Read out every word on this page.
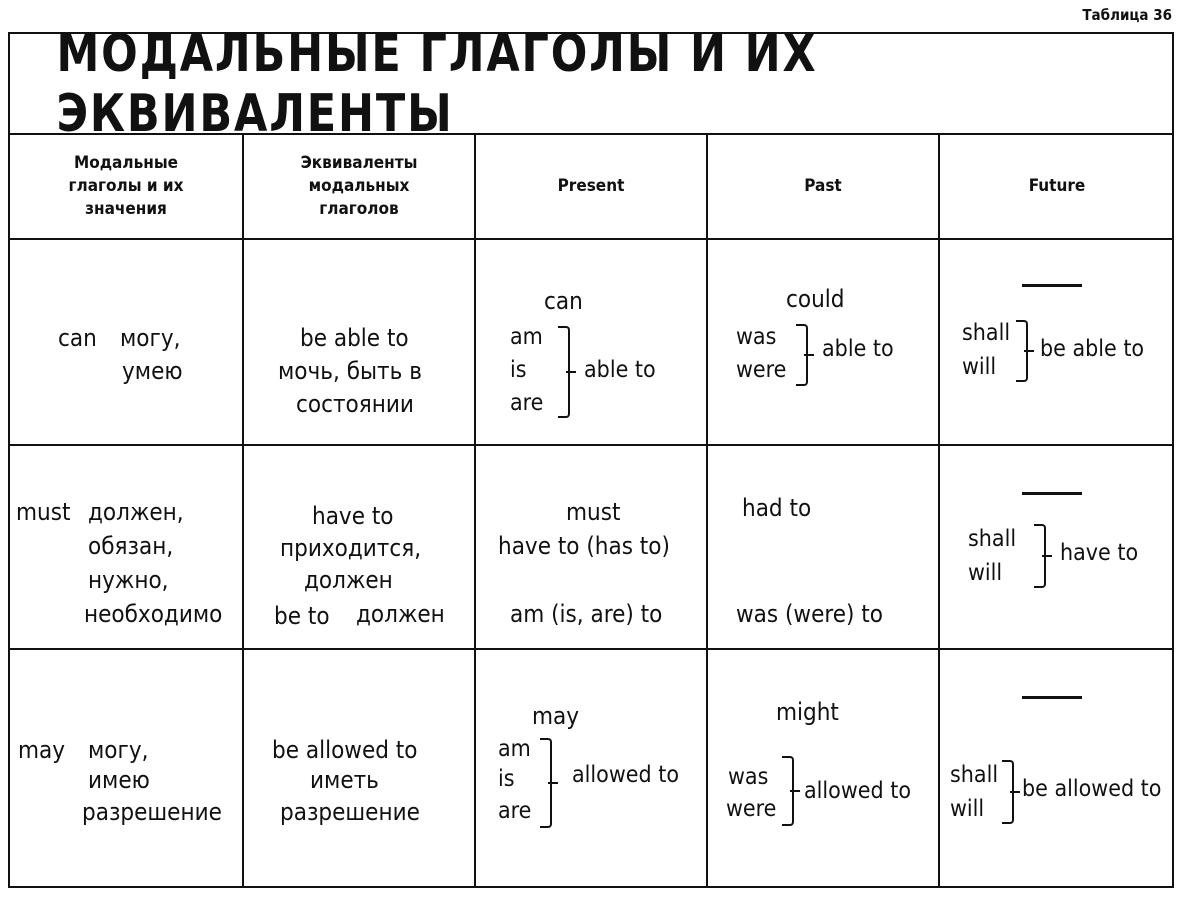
Таблица 36
МОДАЛЬНЫЕ ГЛАГОЛЫ И ИХ ЭКВИВАЛЕНТЫ
Модальные глаголы и их значения
Эквиваленты модальных глаголов
Present	Past	Future
can могу,
умею
be able to
мочь, быть в
состоянии
can
am
is
are
able to
could
was
were
able to
shall
will
be able to
must должен,
обязан,
нужно,
необходимо
have to
приходится,
должен
be to должен
must
have to (has to)
am (is, are) to
had to
was (were) to
shall
will
have to
may могу,
имею
разрешение
be allowed to
иметь
разрешение
may
am
is
are
allowed to
might
was
were
allowed to
shall
will
be allowed to
